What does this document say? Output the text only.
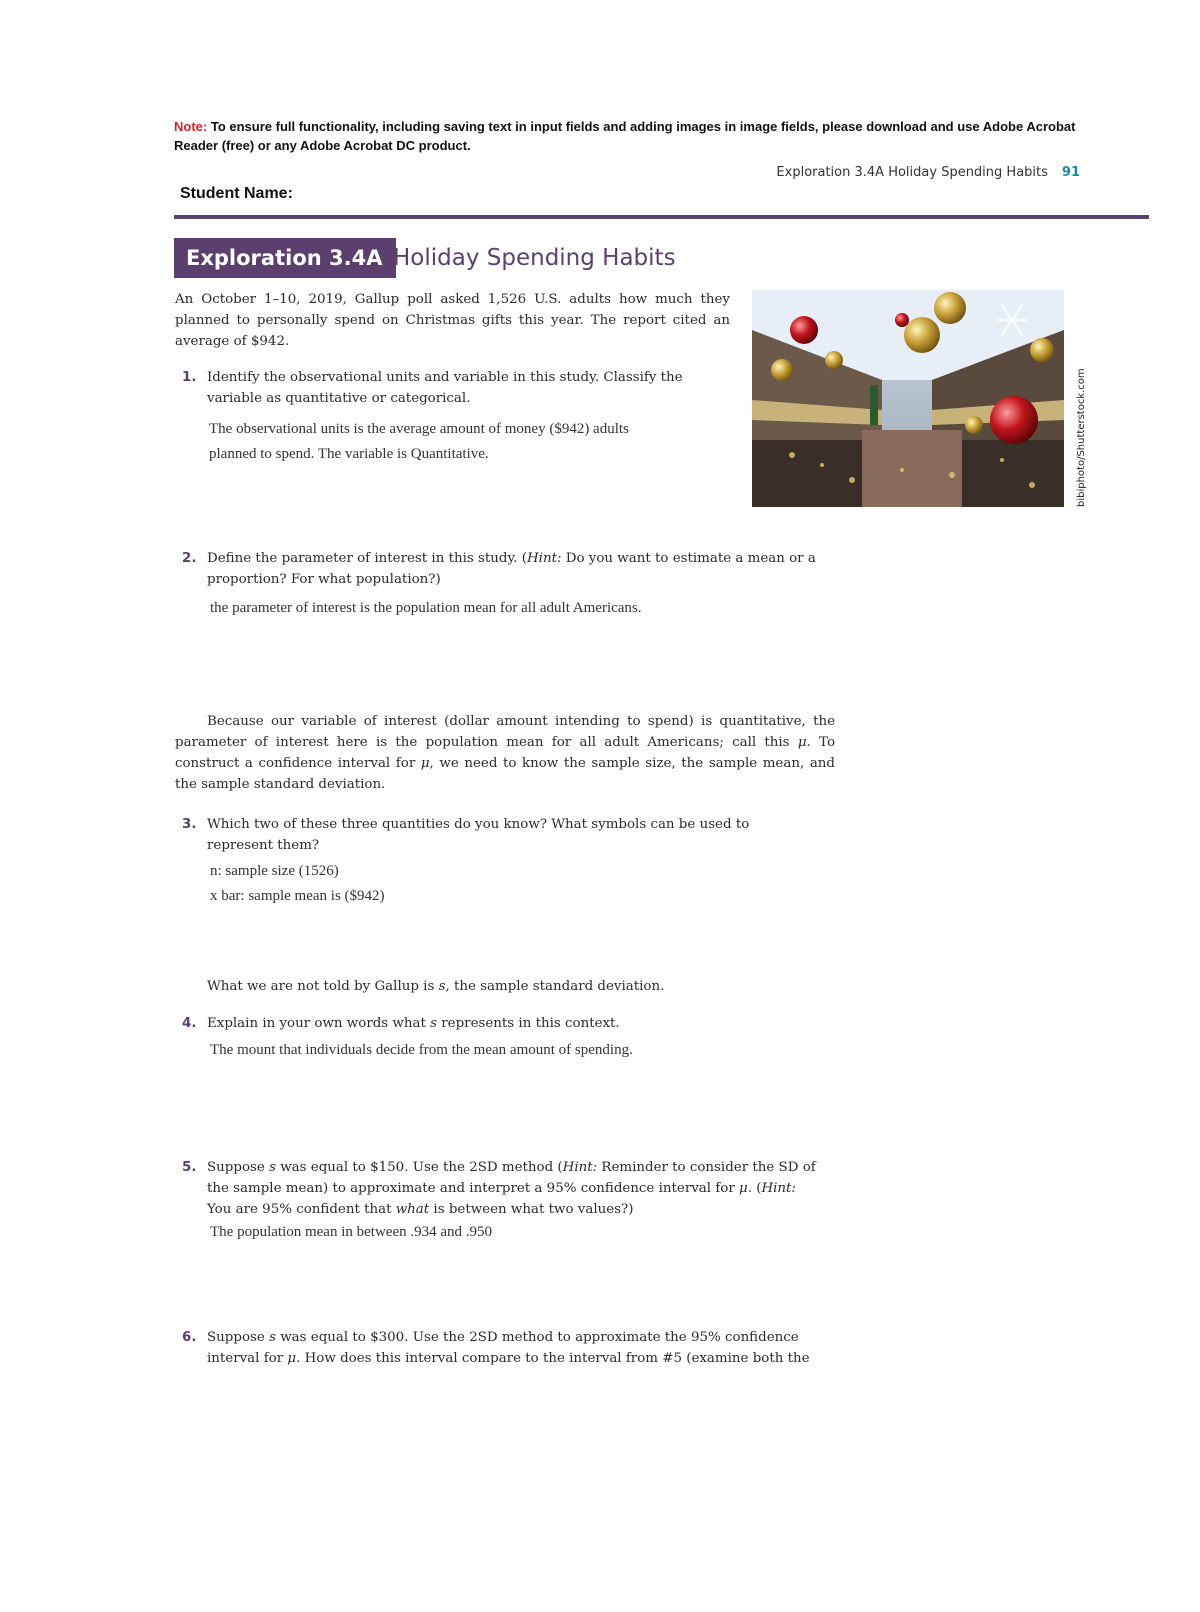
Note: To ensure full functionality, including saving text in input fields and adding images in image fields, please download and use Adobe Acrobat Reader (free) or any Adobe Acrobat DC product.
Exploration 3.4A Holiday Spending Habits 91
Student Name:
Exploration 3.4A Holiday Spending Habits
An October 1–10, 2019, Gallup poll asked 1,526 U.S. adults how much they planned to personally spend on Christmas gifts this year. The report cited an average of $942.
bibiphoto/Shutterstock.com
1. Identify the observational units and variable in this study. Classify the variable as quantitative or categorical.
The observational units is the average amount of money ($942) adults
planned to spend. The variable is Quantitative.
2. Define the parameter of interest in this study. (Hint: Do you want to estimate a mean or a proportion? For what population?)
the parameter of interest is the population mean for all adult Americans.
Because our variable of interest (dollar amount intending to spend) is quantitative, the parameter of interest here is the population mean for all adult Americans; call this μ. To construct a confidence interval for μ, we need to know the sample size, the sample mean, and the sample standard deviation.
3. Which two of these three quantities do you know? What symbols can be used to represent them?
n: sample size (1526)
x bar: sample mean is ($942)
What we are not told by Gallup is s, the sample standard deviation.
4. Explain in your own words what s represents in this context.
The mount that individuals decide from the mean amount of spending.
5. Suppose s was equal to $150. Use the 2SD method (Hint: Reminder to consider the SD of the sample mean) to approximate and interpret a 95% confidence interval for μ. (Hint: You are 95% confident that what is between what two values?)
The population mean in between .934 and .950
6. Suppose s was equal to $300. Use the 2SD method to approximate the 95% confidence interval for μ. How does this interval compare to the interval from #5 (examine both the
